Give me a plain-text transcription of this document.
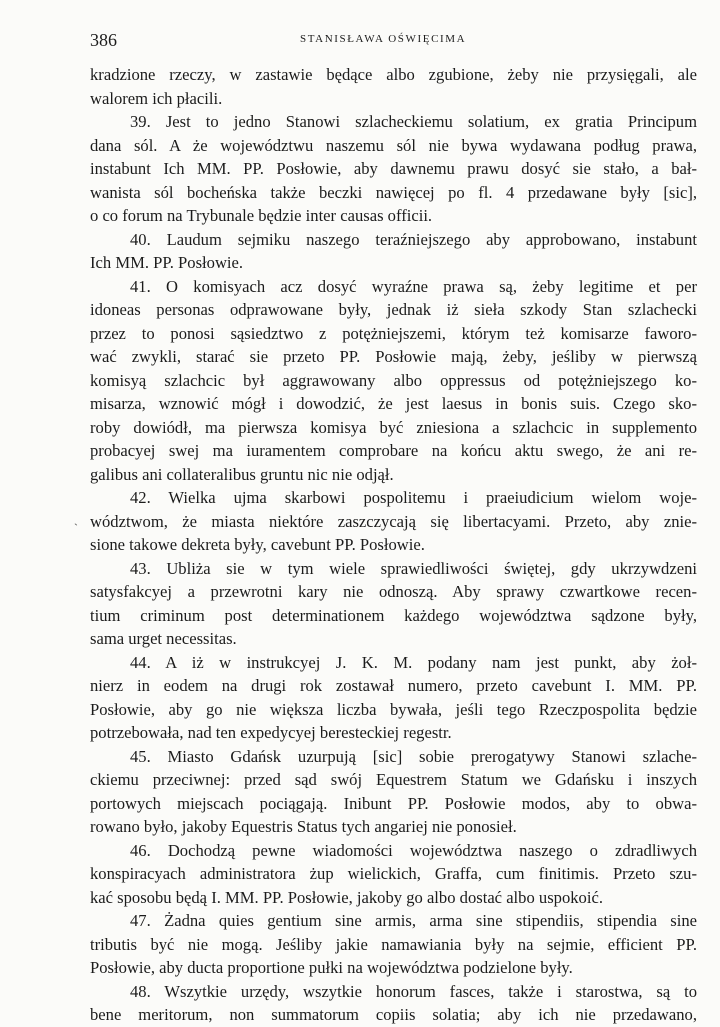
386	STANISŁAWA OŚWIĘCIMA
ˎ
kradzione rzeczy, w zastawie będące albo zgubione, żeby nie przysięgali, ale
walorem ich płacili.
39. Jest to jedno Stanowi szlacheckiemu solatium, ex gratia Principum
dana sól. A że województwu naszemu sól nie bywa wydawana podług prawa,
instabunt Ich MM. PP. Posłowie, aby dawnemu prawu dosyć sie stało, a bał-
wanista sól bocheńska także beczki nawięcej po fl. 4 przedawane były [sic],
o co forum na Trybunale będzie inter causas officii.
40. Laudum sejmiku naszego teraźniejszego aby approbowano, instabunt
Ich MM. PP. Posłowie.
41. O komisyach acz dosyć wyraźne prawa są, żeby legitime et per
idoneas personas odprawowane były, jednak iż sieła szkody Stan szlachecki
przez to ponosi sąsiedztwo z potężniejszemi, którym też komisarze faworo-
wać zwykli, starać sie przeto PP. Posłowie mają, żeby, jeśliby w pierwszą
komisyą szlachcic był aggrawowany albo oppressus od potężniejszego ko-
misarza, wznowić mógł i dowodzić, że jest laesus in bonis suis. Czego sko-
roby dowiódł, ma pierwsza komisya być zniesiona a szlachcic in supplemento
probacyej swej ma iuramentem comprobare na końcu aktu swego, że ani re-
galibus ani collateralibus gruntu nic nie odjął.
42. Wielka ujma skarbowi pospolitemu i praeiudicium wielom woje-
wództwom, że miasta niektóre zaszczycają się libertacyami. Przeto, aby znie-
sione takowe dekreta były, cavebunt PP. Posłowie.
43. Ubliża sie w tym wiele sprawiedliwości świętej, gdy ukrzywdzeni
satysfakcyej a przewrotni kary nie odnoszą. Aby sprawy czwartkowe recen-
tium criminum post determinationem każdego województwa sądzone były,
sama urget necessitas.
44. A iż w instrukcyej J. K. M. podany nam jest punkt, aby żoł-
nierz in eodem na drugi rok zostawał numero, przeto cavebunt I. MM. PP.
Posłowie, aby go nie większa liczba bywała, jeśli tego Rzeczpospolita będzie
potrzebowała, nad ten expedycyej beresteckiej regestr.
45. Miasto Gdańsk uzurpują [sic] sobie prerogatywy Stanowi szlache-
ckiemu przeciwnej: przed sąd swój Equestrem Statum we Gdańsku i inszych
portowych miejscach pociągają. Inibunt PP. Posłowie modos, aby to obwa-
rowano było, jakoby Equestris Status tych angariej nie ponosieł.
46. Dochodzą pewne wiadomości województwa naszego o zdradliwych
konspiracyach administratora żup wielickich, Graffa, cum finitimis. Przeto szu-
kać sposobu będą I. MM. PP. Posłowie, jakoby go albo dostać albo uspokoić.
47. Żadna quies gentium sine armis, arma sine stipendiis, stipendia sine
tributis być nie mogą. Jeśliby jakie namawiania były na sejmie, efficient PP.
Posłowie, aby ducta proportione pułki na województwa podzielone były.
48. Wszytkie urzędy, wszytkie honorum fasces, także i starostwa, są to
bene meritorum, non summatorum copiis solatia; aby ich nie przedawano,
